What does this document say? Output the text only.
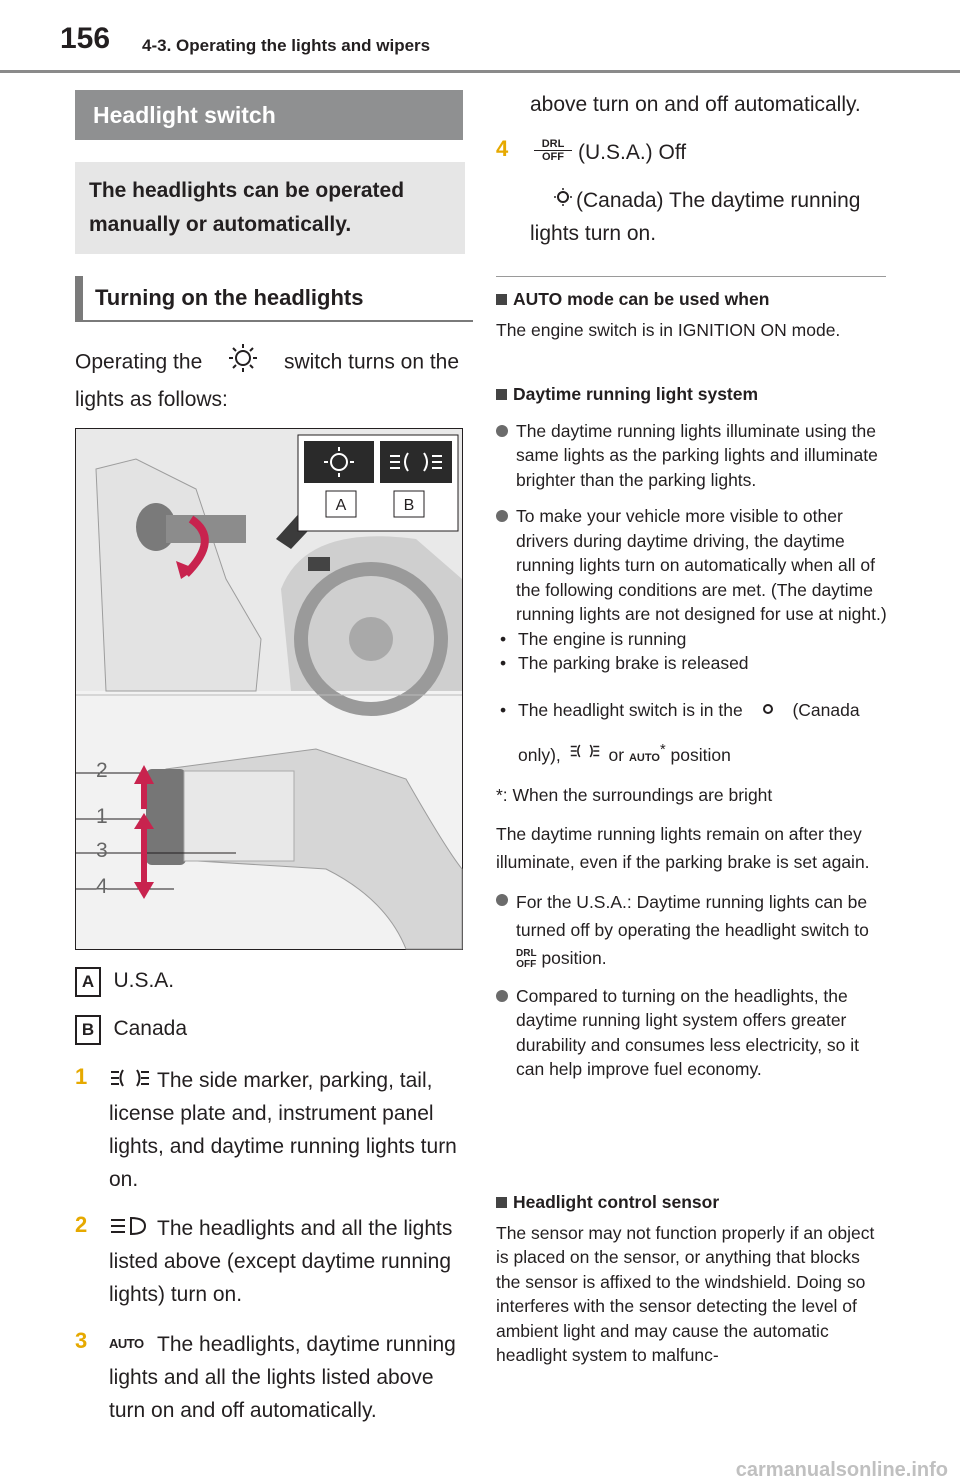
156 4-3. Operating the lights and wipers
Headlight switch
The headlights can be operated manually or automatically.
Turning on the headlights
Operating the	switch turns on the lights as follows:
A	B
2
1
3
4
A U.S.A.
B Canada
1	The side marker, parking, tail, license plate and, instrument panel lights, and daytime running lights turn on.
2	The headlights and all the lights listed above (except daytime running lights) turn on.
3 AUTO The headlights, daytime running lights and all the lights listed above turn on and off automatically.
above turn on and off automatically.
4	DRL
OFF (U.S.A.) Off
(Canada) The daytime running lights turn on.
AUTO mode can be used when
The engine switch is in IGNITION ON mode.
Daytime running light system
The daytime running lights illuminate using the same lights as the parking lights and illuminate brighter than the parking lights.
To make your vehicle more visible to other drivers during daytime driving, the daytime running lights turn on automatically when all of the following conditions are met. (The daytime running lights are not designed for use at night.)
• The engine is running
• The parking brake is released
• The headlight switch is in the	(Canada only),	or AUTO* position
*: When the surroundings are bright
The daytime running lights remain on after they illuminate, even if the parking brake is set again.
For the U.S.A.: Daytime running lights can be turned off by operating the headlight switch to DRL
OFF position.
Compared to turning on the headlights, the daytime running light system offers greater durability and consumes less electricity, so it can help improve fuel economy.
Headlight control sensor
The sensor may not function properly if an object is placed on the sensor, or anything that blocks the sensor is affixed to the windshield. Doing so interferes with the sensor detecting the level of ambient light and may cause the automatic headlight system to malfunc-
carmanualsonline.info
